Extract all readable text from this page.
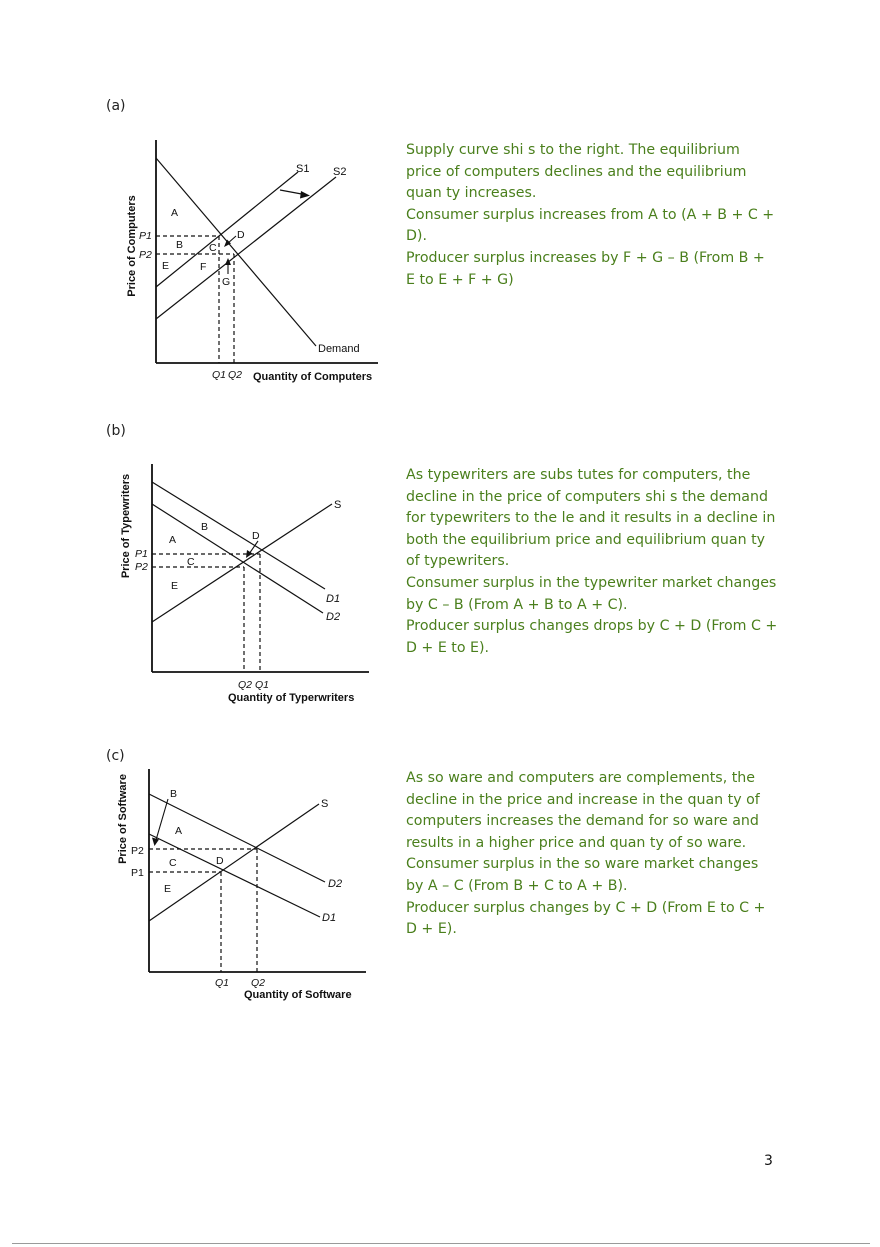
(a)
Price of Computers
Quantity of Computers
P1
P2
Q1 Q2
S1 S2
Demand
A
B C
D
E	F
G

Supply curve shi s to the right. The equilibrium price of computers declines and the equilibrium quan ty increases.

Consumer surplus increases from A to (A + B + C + D).

Producer surplus increases by F + G – B (From B + E to E + F + G)

(b)
Price of Typewriters
Quantity of Typerwriters
P1
P2
Q2 Q1
S
D1
D2
A
B
C
D
E

As typewriters are subs tutes for computers, the decline in the price of computers shi s the demand for typewriters to the le and it results in a decline in both the equilibrium price and equilibrium quan ty of typewriters.

Consumer surplus in the typewriter market changes by C – B (From A + B to A + C).

Producer surplus changes drops by C + D (From C + D + E to E).

(c)
Price of Software
Quantity of Software
P2
P1
Q1 Q2
S
D2
D1
A
B
C	D
E

As so ware and computers are complements, the decline in the price and increase in the quan ty of computers increases the demand for so ware and results in a higher price and quan ty of so ware.

Consumer surplus in the so ware market changes by A – C (From B + C to A + B).

Producer surplus changes by C + D (From E to C + D + E).

3
